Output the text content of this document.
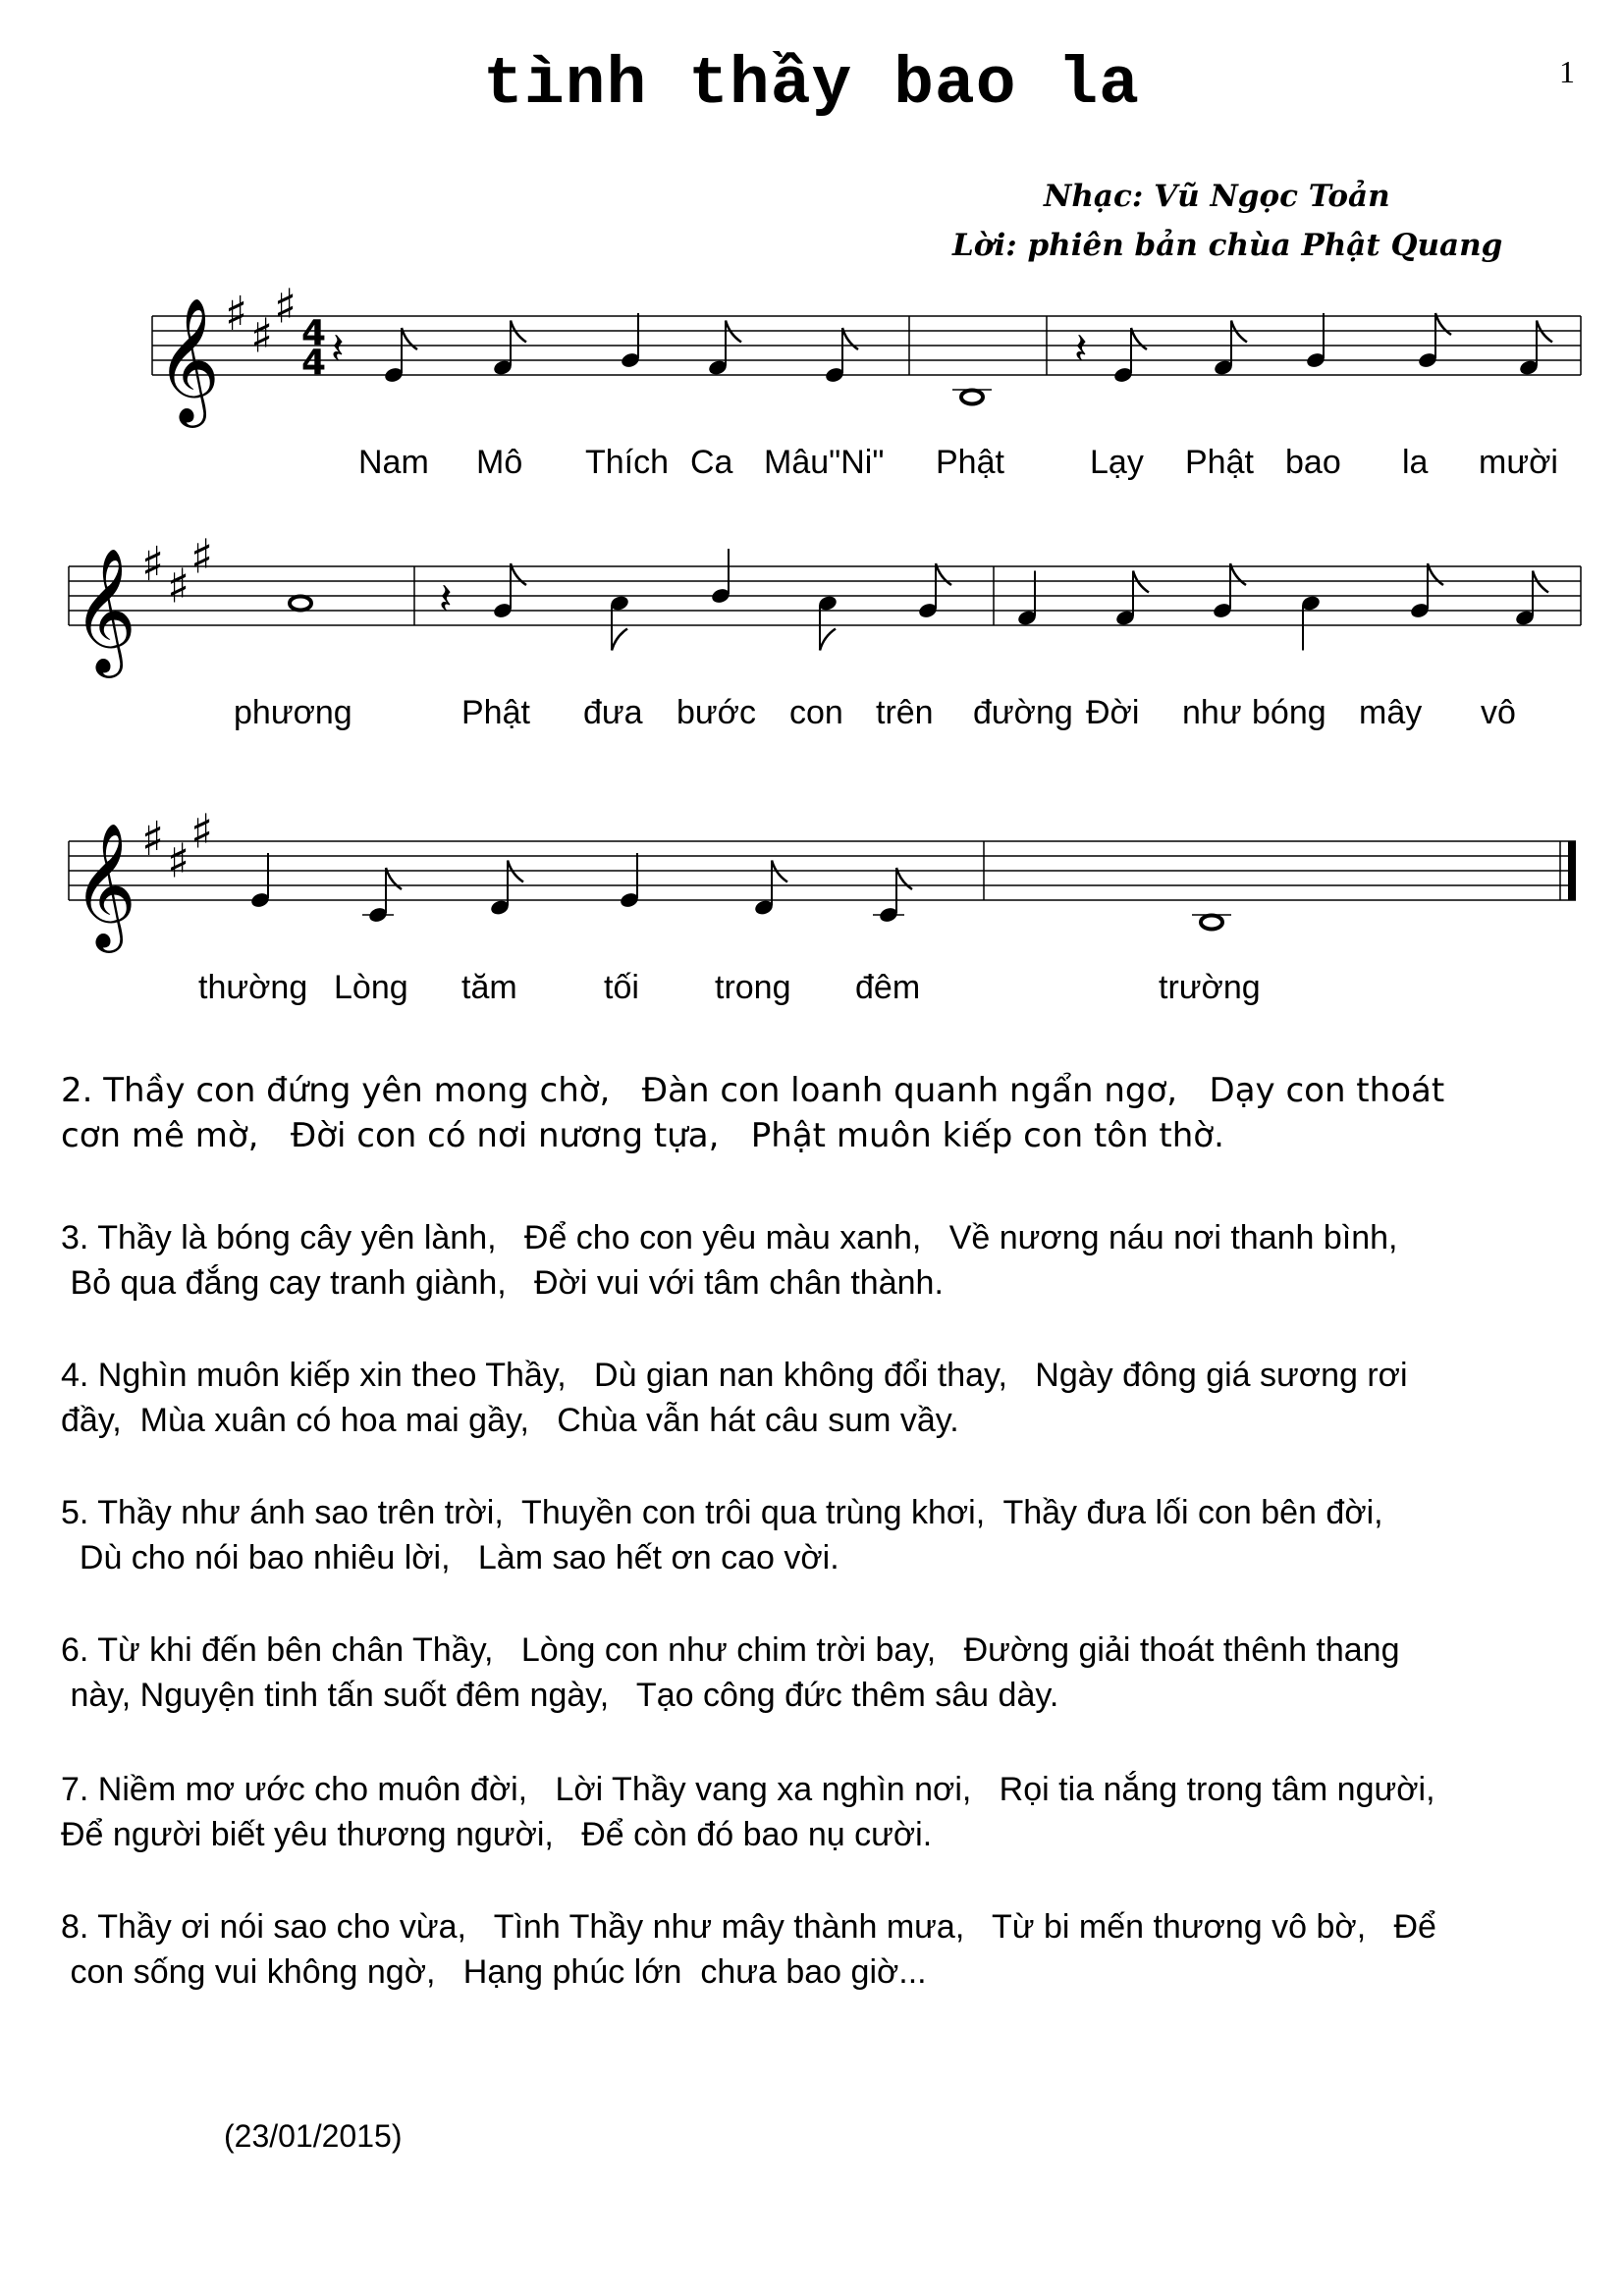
1
tình thầy bao la
Nhạc: Vũ Ngọc Toản
Lời: phiên bản chùa Phật Quang
𝄞 ♯ ♯
♯ 4
4 𝄽	𝄽
𝄞 ♯ ♯
♯
𝄽
𝄞 ♯ ♯
♯
Nam Mô Thích Ca Mâu"Ni" Phật	Lạy Phật bao la mười
phương	Phật đưa bước con trên đường Đời như bóng mây vô
thường Lòng tăm	tối trong đêm	trường
2. Thầy con đứng yên mong chờ,   Đàn con loanh quanh ngẩn ngơ,   Dạy con thoát
cơn mê mờ,   Đời con có nơi nương tựa,   Phật muôn kiếp con tôn thờ.
3. Thầy là bóng cây yên lành,   Để cho con yêu màu xanh,   Về nương náu nơi thanh bình,
Bỏ qua đắng cay tranh giành,   Đời vui với tâm chân thành.
4. Nghìn muôn kiếp xin theo Thầy,   Dù gian nan không đổi thay,   Ngày đông giá sương rơi
đầy,  Mùa xuân có hoa mai gầy,   Chùa vẫn hát câu sum vầy.
5. Thầy như ánh sao trên trời,  Thuyền con trôi qua trùng khơi,  Thầy đưa lối con bên đời,
Dù cho nói bao nhiêu lời,   Làm sao hết ơn cao vời.
6. Từ khi đến bên chân Thầy,   Lòng con như chim trời bay,   Đường giải thoát thênh thang
này, Nguyện tinh tấn suốt đêm ngày,   Tạo công đức thêm sâu dày.
7. Niềm mơ ước cho muôn đời,   Lời Thầy vang xa nghìn nơi,   Rọi tia nắng trong tâm người,
Để người biết yêu thương người,   Để còn đó bao nụ cười.
8. Thầy ơi nói sao cho vừa,   Tình Thầy như mây thành mưa,   Từ bi mến thương vô bờ,   Để
con sống vui không ngờ,   Hạng phúc lớn  chưa bao giờ...
(23/01/2015)
